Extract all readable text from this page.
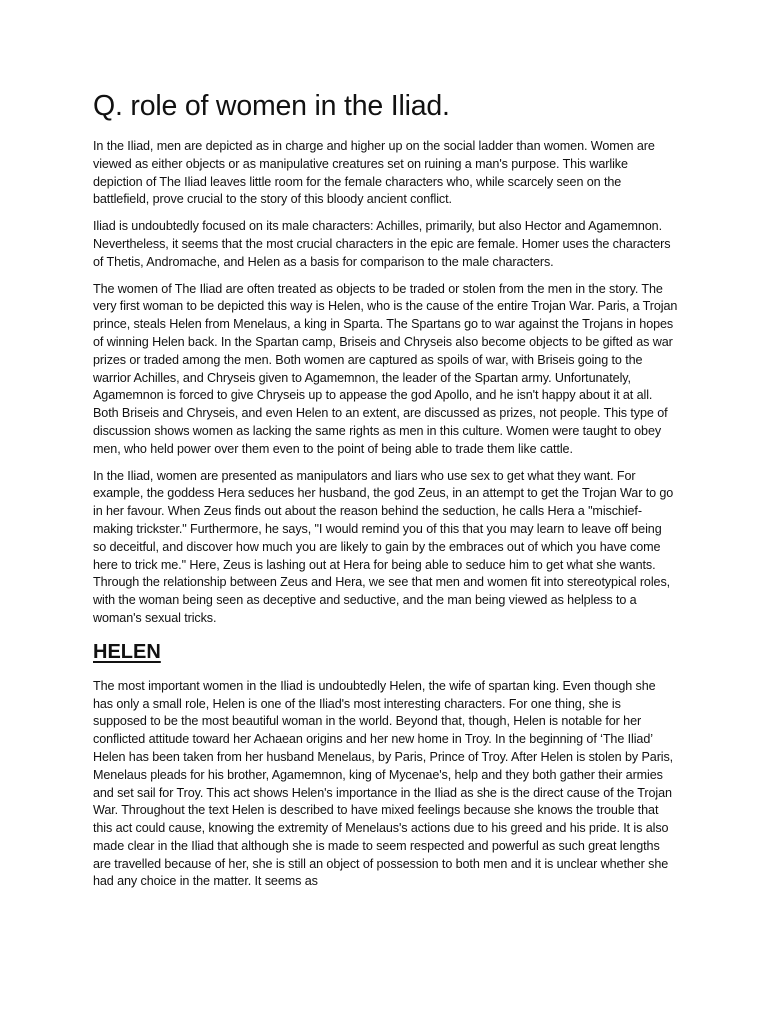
Q. role of women in the Iliad.

In the Iliad, men are depicted as in charge and higher up on the social ladder than women. Women are viewed as either objects or as manipulative creatures set on ruining a man's purpose. This warlike depiction of The Iliad leaves little room for the female characters who, while scarcely seen on the battlefield, prove crucial to the story of this bloody ancient conflict.

Iliad is undoubtedly focused on its male characters: Achilles, primarily, but also Hector and Agamemnon. Nevertheless, it seems that the most crucial characters in the epic are female. Homer uses the characters of Thetis, Andromache, and Helen as a basis for comparison to the male characters.

The women of The Iliad are often treated as objects to be traded or stolen from the men in the story. The very first woman to be depicted this way is Helen, who is the cause of the entire Trojan War. Paris, a Trojan prince, steals Helen from Menelaus, a king in Sparta. The Spartans go to war against the Trojans in hopes of winning Helen back. In the Spartan camp, Briseis and Chryseis also become objects to be gifted as war prizes or traded among the men. Both women are captured as spoils of war, with Briseis going to the warrior Achilles, and Chryseis given to Agamemnon, the leader of the Spartan army. Unfortunately, Agamemnon is forced to give Chryseis up to appease the god Apollo, and he isn't happy about it at all. Both Briseis and Chryseis, and even Helen to an extent, are discussed as prizes, not people. This type of discussion shows women as lacking the same rights as men in this culture. Women were taught to obey men, who held power over them even to the point of being able to trade them like cattle.

In the Iliad, women are presented as manipulators and liars who use sex to get what they want. For example, the goddess Hera seduces her husband, the god Zeus, in an attempt to get the Trojan War to go in her favour. When Zeus finds out about the reason behind the seduction, he calls Hera a "mischief-making trickster." Furthermore, he says, "I would remind you of this that you may learn to leave off being so deceitful, and discover how much you are likely to gain by the embraces out of which you have come here to trick me." Here, Zeus is lashing out at Hera for being able to seduce him to get what she wants. Through the relationship between Zeus and Hera, we see that men and women fit into stereotypical roles, with the woman being seen as deceptive and seductive, and the man being viewed as helpless to a woman's sexual tricks.

HELEN

The most important women in the Iliad is undoubtedly Helen, the wife of spartan king. Even though she has only a small role, Helen is one of the Iliad's most interesting characters. For one thing, she is supposed to be the most beautiful woman in the world. Beyond that, though, Helen is notable for her conflicted attitude toward her Achaean origins and her new home in Troy. In the beginning of ‘The Iliad’ Helen has been taken from her husband Menelaus, by Paris, Prince of Troy. After Helen is stolen by Paris, Menelaus pleads for his brother, Agamemnon, king of Mycenae's, help and they both gather their armies and set sail for Troy. This act shows Helen's importance in the Iliad as she is the direct cause of the Trojan War. Throughout the text Helen is described to have mixed feelings because she knows the trouble that this act could cause, knowing the extremity of Menelaus's actions due to his greed and his pride. It is also made clear in the Iliad that although she is made to seem respected and powerful as such great lengths are travelled because of her, she is still an object of possession to both men and it is unclear whether she had any choice in the matter. It seems as
